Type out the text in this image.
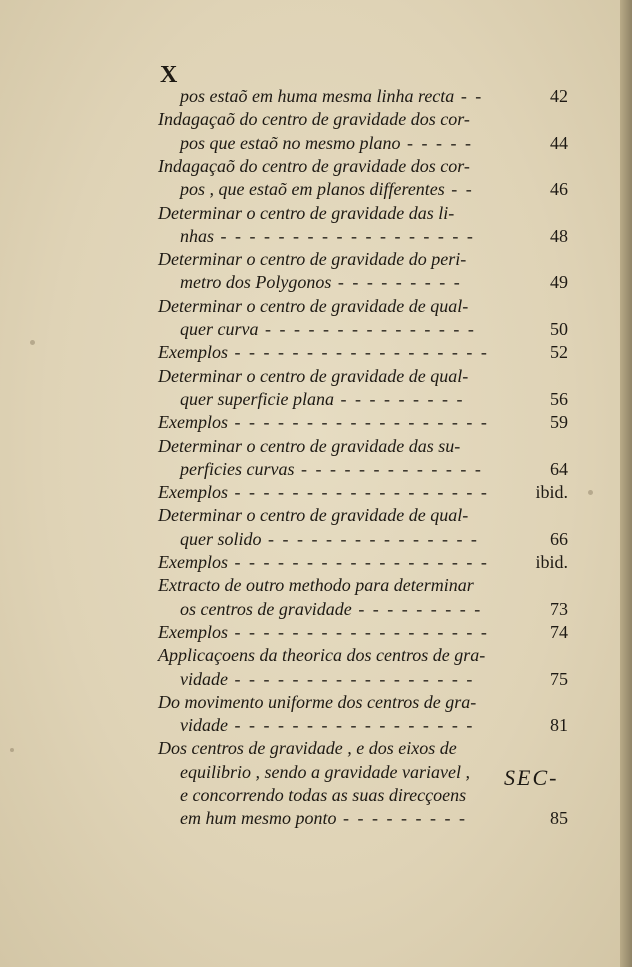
X
pos estaõ em huma mesma linha recta - -	42
Indagaçaõ do centro de gravidade dos cor-
pos que estaõ no mesmo plano - - - - -	44
Indagaçaõ do centro de gravidade dos cor-
pos , que estaõ em planos differentes - -	46
Determinar o centro de gravidade das li-
nhas - - - - - - - - - - - - - - - - - -	48
Determinar o centro de gravidade do peri-
metro dos Polygonos - - - - - - - - -	49
Determinar o centro de gravidade de qual-
quer curva - - - - - - - - - - - - - - -	50
Exemplos - - - - - - - - - - - - - - - - - -	52
Determinar o centro de gravidade de qual-
quer superficie plana - - - - - - - - -	56
Exemplos - - - - - - - - - - - - - - - - - -	59
Determinar o centro de gravidade das su-
perficies curvas - - - - - - - - - - - - -	64
Exemplos - - - - - - - - - - - - - - - - - -	ibid.
Determinar o centro de gravidade de qual-
quer solido - - - - - - - - - - - - - - -	66
Exemplos - - - - - - - - - - - - - - - - - -	ibid.
Extracto de outro methodo para determinar
os centros de gravidade - - - - - - - - -	73
Exemplos - - - - - - - - - - - - - - - - - -	74
Applicaçoens da theorica dos centros de gra-
vidade - - - - - - - - - - - - - - - - -	75
Do movimento uniforme dos centros de gra-
vidade - - - - - - - - - - - - - - - - -	81
Dos centros de gravidade , e dos eixos de
equilibrio , sendo a gravidade variavel ,
e concorrendo todas as suas direcçoens
em hum mesmo ponto - - - - - - - - -	85
SEC-
